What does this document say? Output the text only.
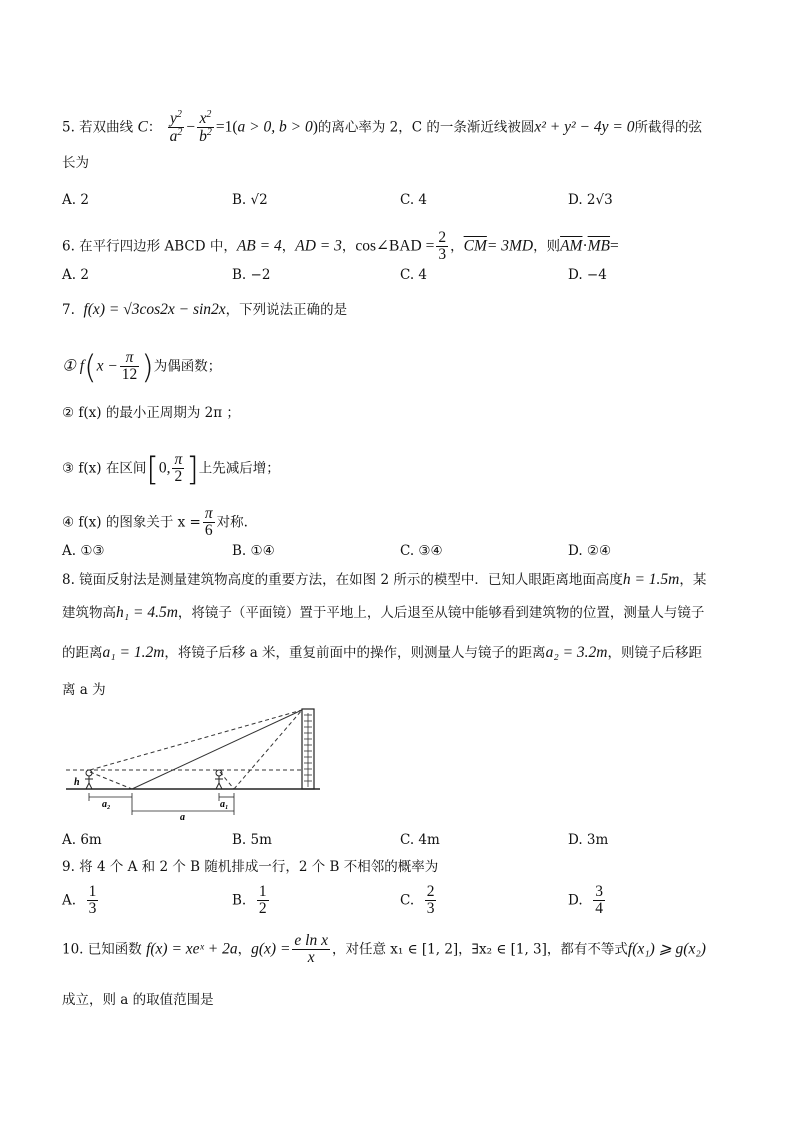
5. 若双曲线 C： $\frac{y^2}{a^2} - \frac{x^2}{b^2} =1(a > 0$, b > 0)的离心率为 2，C 的一条渐近线被圆x² + y² − 4y = 0所截得的弦
长为
A. 2	B. √2	C. 4	D. 2√3
6. 在平行四边形 ABCD 中，AB = 4，AD = 3，cos∠BAD = $\frac{2}{3}$ ，$\overline{CM}= 3MD$，则$\overline{AM}\cdot\overline{MB}=$
A. 2	B. −2	C. 4	D. −4
7.  f(x) = √3cos2x − sin2x，下列说法正确的是
① $f(x - \frac{\pi}{12}$ )为偶函数；
② f(x) 的最小正周期为 2π ；
③ f(x) 在区间[0, $\frac{\pi}{2}$ ]上先减后增；
④ f(x) 的图象关于 $x = \frac{\pi}{6}$ 对称.
A. ①③	B. ①④	C. ③④	D. ②④
8. 镜面反射法是测量建筑物高度的重要方法，在如图 2 所示的模型中．已知人眼距离地面高度h = 1.5m，某
建筑物高h₁ = 4.5m，将镜子（平面镜）置于平地上，人后退至从镜中能够看到建筑物的位置，测量人与镜子
的距离a₁ = 1.2m，将镜子后移 a 米，重复前面中的操作，则测量人与镜子的距离a₂ = 3.2m，则镜子后移距
离 a 为
h
a₂	a₁
a
A. 6m	B. 5m	C. 4m	D. 3m
9. 将 4 个 A 和 2 个 B 随机排成一行，2 个 B 不相邻的概率为
A. $\frac{1}{3}$	B. $\frac{1}{2}$	C. $\frac{2}{3}$	D. $\frac{3}{4}$
10. 已知函数 f(x) = xeˣ + 2a，$g(x) = \frac{\text{e ln x}}{x}$ ，对任意 x₁ ∈ [1, 2]，∃x₂ ∈ [1, 3]，都有不等式f(x₁) ⩾ g(x₂)
成立，则 a 的取值范围是
